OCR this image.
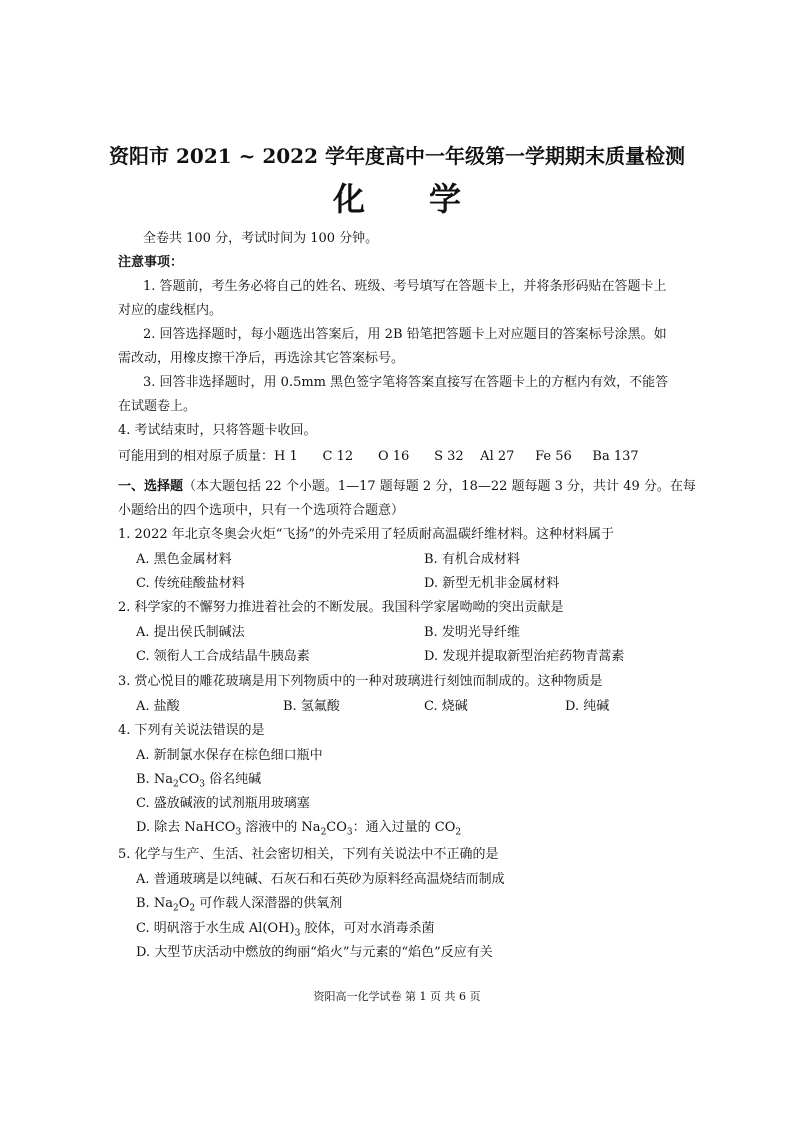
资阳市 2021 ~ 2022 学年度高中一年级第一学期期末质量检测
化学
全卷共 100 分，考试时间为 100 分钟。
注意事项：
1. 答题前，考生务必将自己的姓名、班级、考号填写在答题卡上，并将条形码贴在答题卡上
对应的虚线框内。
2. 回答选择题时，每小题选出答案后，用 2B 铅笔把答题卡上对应题目的答案标号涂黑。如
需改动，用橡皮擦干净后，再选涂其它答案标号。
3. 回答非选择题时，用 0.5mm 黑色签字笔将答案直接写在答题卡上的方框内有效，不能答
在试题卷上。
4. 考试结束时，只将答题卡收回。
可能用到的相对原子质量：H 1      C 12      O 16      S 32    Al 27     Fe 56     Ba 137
一、选择题（本大题包括 22 个小题。1—17 题每题 2 分，18—22 题每题 3 分，共计 49 分。在每
小题给出的四个选项中，只有一个选项符合题意）
1. 2022 年北京冬奥会火炬“飞扬”的外壳采用了轻质耐高温碳纤维材料。这种材料属于
A. 黑色金属材料	B. 有机合成材料
C. 传统硅酸盐材料	D. 新型无机非金属材料
2. 科学家的不懈努力推进着社会的不断发展。我国科学家屠呦呦的突出贡献是
A. 提出侯氏制碱法	B. 发明光导纤维
C. 领衔人工合成结晶牛胰岛素	D. 发现并提取新型治疟药物青蒿素
3. 赏心悦目的雕花玻璃是用下列物质中的一种对玻璃进行刻蚀而制成的。这种物质是
A. 盐酸	B. 氢氟酸	C. 烧碱	D. 纯碱
4. 下列有关说法错误的是
A. 新制氯水保存在棕色细口瓶中
B. $Na_2CO_3$ 俗名纯碱
C. 盛放碱液的试剂瓶用玻璃塞
D. 除去 NaHCO$_3$ 溶液中的 $Na_2CO_3$：通入过量的 $CO_2$
5. 化学与生产、生活、社会密切相关，下列有关说法中不正确的是
A. 普通玻璃是以纯碱、石灰石和石英砂为原料经高温烧结而制成
B. $Na_2O_2$ 可作载人深潜器的供氧剂
C. 明矾溶于水生成 $Al(OH)_3$ 胶体，可对水消毒杀菌
D. 大型节庆活动中燃放的绚丽“焰火”与元素的“焰色”反应有关
资阳高一化学试卷 第 1 页 共 6 页
